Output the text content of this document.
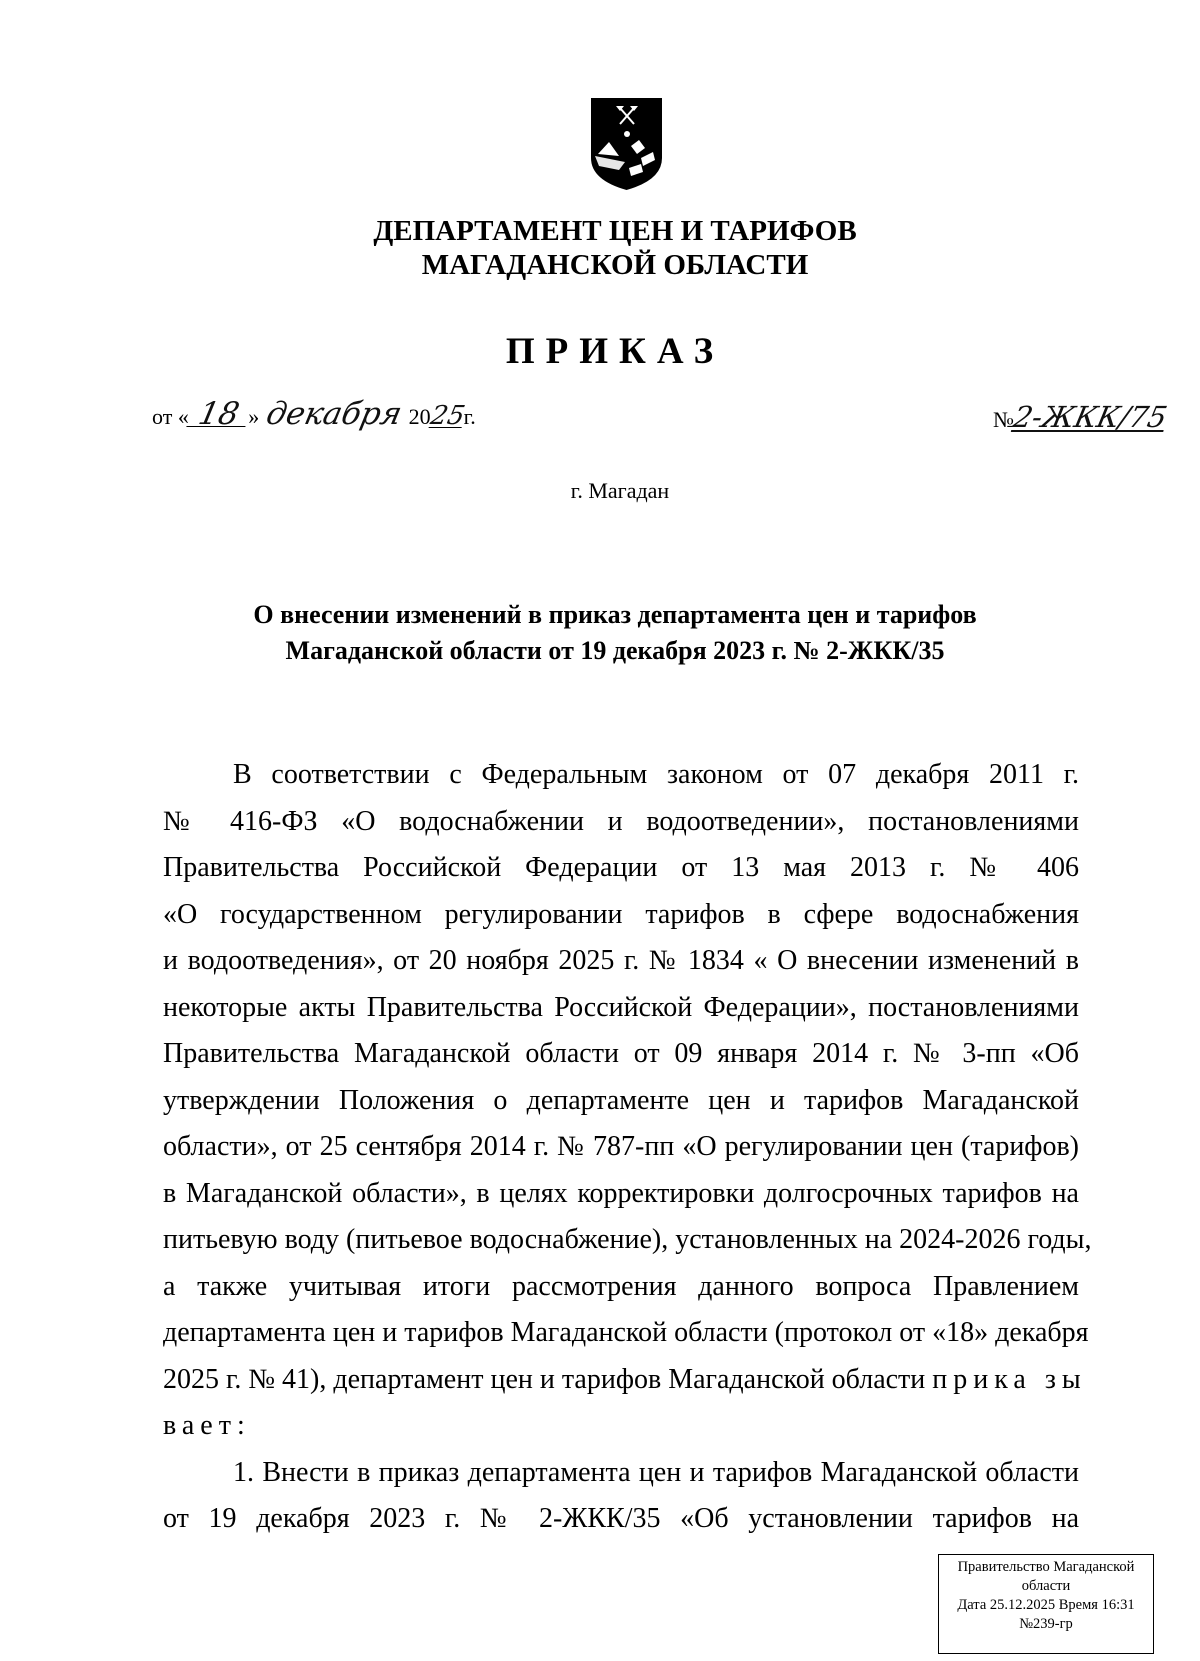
ДЕПАРТАМЕНТ ЦЕН И ТАРИФОВ
МАГАДАНСКОЙ ОБЛАСТИ
ПРИКАЗ
от « 18 » декабря 2025г.	№2-ЖКК/75
г. Магадан
О внесении изменений в приказ департамента цен и тарифов
Магаданской области от 19 декабря 2023 г. № 2-ЖКК/35
В соответствии с Федеральным законом от 07 декабря 2011 г.
№ 416-ФЗ «О водоснабжении и водоотведении», постановлениями
Правительства Российской Федерации от 13 мая 2013 г. № 406
«О государственном регулировании тарифов в сфере водоснабжения
и водоотведения», от 20 ноября 2025 г. № 1834 « О внесении изменений в
некоторые акты Правительства Российской Федерации», постановлениями
Правительства Магаданской области от 09 января 2014 г. № 3-пп «Об
утверждении Положения о департаменте цен и тарифов Магаданской
области», от 25 сентября 2014 г. № 787-пп «О регулировании цен (тарифов)
в Магаданской области», в целях корректировки долгосрочных тарифов на
питьевую воду (питьевое водоснабжение), установленных на 2024-2026 годы,
а также учитывая итоги рассмотрения данного вопроса Правлением
департамента цен и тарифов Магаданской области (протокол от «18» декабря
2025 г. № 41), департамент цен и тарифов Магаданской области прика зы
вает:
1. Внести в приказ департамента цен и тарифов Магаданской области
от 19 декабря 2023 г. № 2-ЖКК/35 «Об установлении тарифов на
Правительство Магаданской
области
Дата 25.12.2025 Время 16:31
№239-гр
